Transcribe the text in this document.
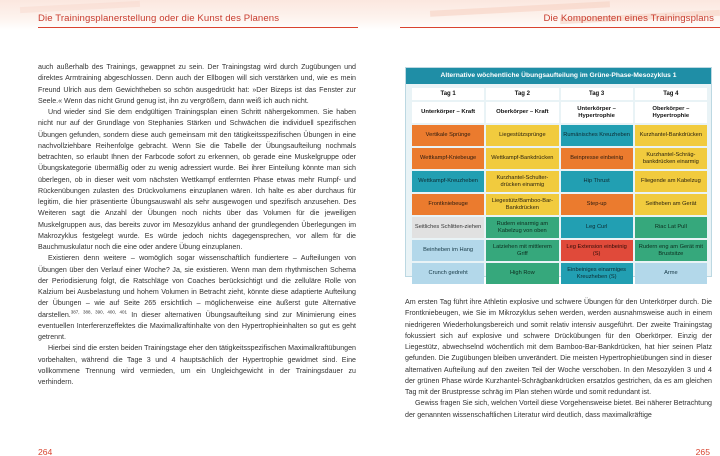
Die Trainingsplanerstellung oder die Kunst des Planens	Die Komponenten eines Trainingsplans

auch außerhalb des Trainings, gewappnet zu sein. Der Trainingstag wird durch Zugübungen und direktes Armtraining abgeschlossen. Denn auch der Ellbogen will sich verstärken und, wie es mein Freund Ulrich aus dem Gewichtheben so schön ausgedrückt hat: »Der Bizeps ist das Fenster zur Seele.« Wenn das nicht Grund genug ist, ihn zu vergrößern, dann weiß ich auch nicht.

Und wieder sind Sie dem endgültigen Trainingsplan einen Schritt nähergekommen. Sie haben nicht nur auf der Grundlage von Stephanies Stärken und Schwächen die individuell spezifischen Übungen gefunden, sondern diese auch gemeinsam mit den tätigkeitsspezifischen Übungen in eine nachvollziehbare Reihenfolge gebracht. Wenn Sie die Tabelle der Übungsaufteilung nochmals betrachten, so erlaubt Ihnen der Farbcode sofort zu erkennen, ob gerade eine Muskelgruppe oder Übungskategorie übermäßig oder zu wenig adressiert wurde. Bei ihrer Einteilung könnte man sich überlegen, ob in dieser weit vom nächsten Wettkampf entfernten Phase etwas mehr Rumpf- und Rückenübungen zulasten des Drückvolumens einzuplanen wären. Ich halte es aber durchaus für legitim, die hier präsentierte Übungsauswahl als sehr ausgewogen und spezifisch anzusehen. Des Weiteren sagt die Anzahl der Übungen noch nichts über das Volumen für die jeweiligen Muskelgruppen aus, das bereits zuvor im Mesozyklus anhand der grundlegenden Überlegungen im Makrozyklus festgelegt wurde. Es würde jedoch nichts dagegensprechen, vor allem für die Bauchmuskulatur noch die eine oder andere Übung einzuplanen.

Existieren denn weitere – womöglich sogar wissenschaftlich fundiertere – Aufteilungen von Übungen über den Verlauf einer Woche? Ja, sie existieren. Wenn man dem rhythmischen Schema der Periodisierung folgt, die Ratschläge von Coaches berücksichtigt und die zelluläre Rolle von Kalzium bei Ausbelastung und hohem Volumen in Betracht zieht, könnte diese adaptierte Aufteilung der Übungen – wie auf Seite 265 ersichtlich – möglicherweise eine äußerst gute Alternative darstellen.$^{387, 388, 390, 400, 401}$ In dieser alternativen Übungsaufteilung sind zur Minimierung eines eventuellen Interferenzeffektes die Maximalkraftinhalte von den Hypertrophieinhalten so gut es geht getrennt.

Hierbei sind die ersten beiden Trainingstage eher den tätigkeitsspezifischen Maximalkraftübungen vorbehalten, während die Tage 3 und 4 hauptsächlich der Hypertrophie gewidmet sind. Eine vollkommene Trennung wird vermieden, um ein Ungleichgewicht in der Trainingsdauer zu verhindern.

Alternative wöchentliche Übungsaufteilung im Grüne-Phase-Mesozyklus 1
Tag 1	Tag 2	Tag 3	Tag 4
Unterkörper – Kraft	Oberkörper – Kraft	Unterkörper – Hypertrophie	Oberkörper – Hypertrophie
Vertikale Sprünge	Liegestützsprünge	Rumänisches Kreuzheben	Kurzhantel-Bankdrücken
Wettkampf-Kniebeuge	Wettkampf-Bankdrücken	Beinpresse einbeinig	Kurzhantel-Schräg-bankdrücken einarmig
Wettkampf-Kreuzheben	Kurzhantel-Schulter-drücken einarmig	Hip Thrust	Fliegende am Kabelzug
Frontkniebeuge	Liegestütz/Bamboo-Bar-Bankdrücken	Step-up	Seitheben am Gerät
Seitliches Schlitten-ziehen	Rudern einarmig am Kabelzug von oben	Leg Curl	Riac Lat Pull
Beinheben im Hang	Latziehen mit mittlerem Griff	Leg Extension einbeinig (S)	Rudern eng am Gerät mit Brustsitze
Crunch gedreht	High Row	Einbeiniges einarmiges Kreuzheben (S)	Arme

Am ersten Tag führt ihre Athletin explosive und schwere Übungen für den Unterkörper durch. Die Frontkniebeugen, wie Sie im Mikrozyklus sehen werden, werden ausnahmsweise auch in einem niedrigeren Wiederholungsbereich und somit relativ intensiv ausgeführt. Der zweite Trainingstag fokussiert sich auf explosive und schwere Drückübungen für den Oberkörper. Einzig der Liegestütz, abwechselnd wöchentlich mit dem Bamboo-Bar-Bankdrücken, hat hier seinen Platz gefunden. Die Zugübungen bleiben unverändert. Die meisten Hypertrophieübungen sind in dieser alternativen Aufteilung auf den zweiten Teil der Woche verschoben. In den Mesozyklen 3 und 4 der grünen Phase würde Kurzhantel-Schrägbankdrücken ersatzlos gestrichen, da es am gleichen Tag mit der Brustpresse schräg im Plan stehen würde und somit redundant ist.

Gewiss fragen Sie sich, welchen Vorteil diese Vorgehensweise bietet. Bei näherer Betrachtung der genannten wissenschaftlichen Literatur wird deutlich, dass maximalkräftige

264	265
